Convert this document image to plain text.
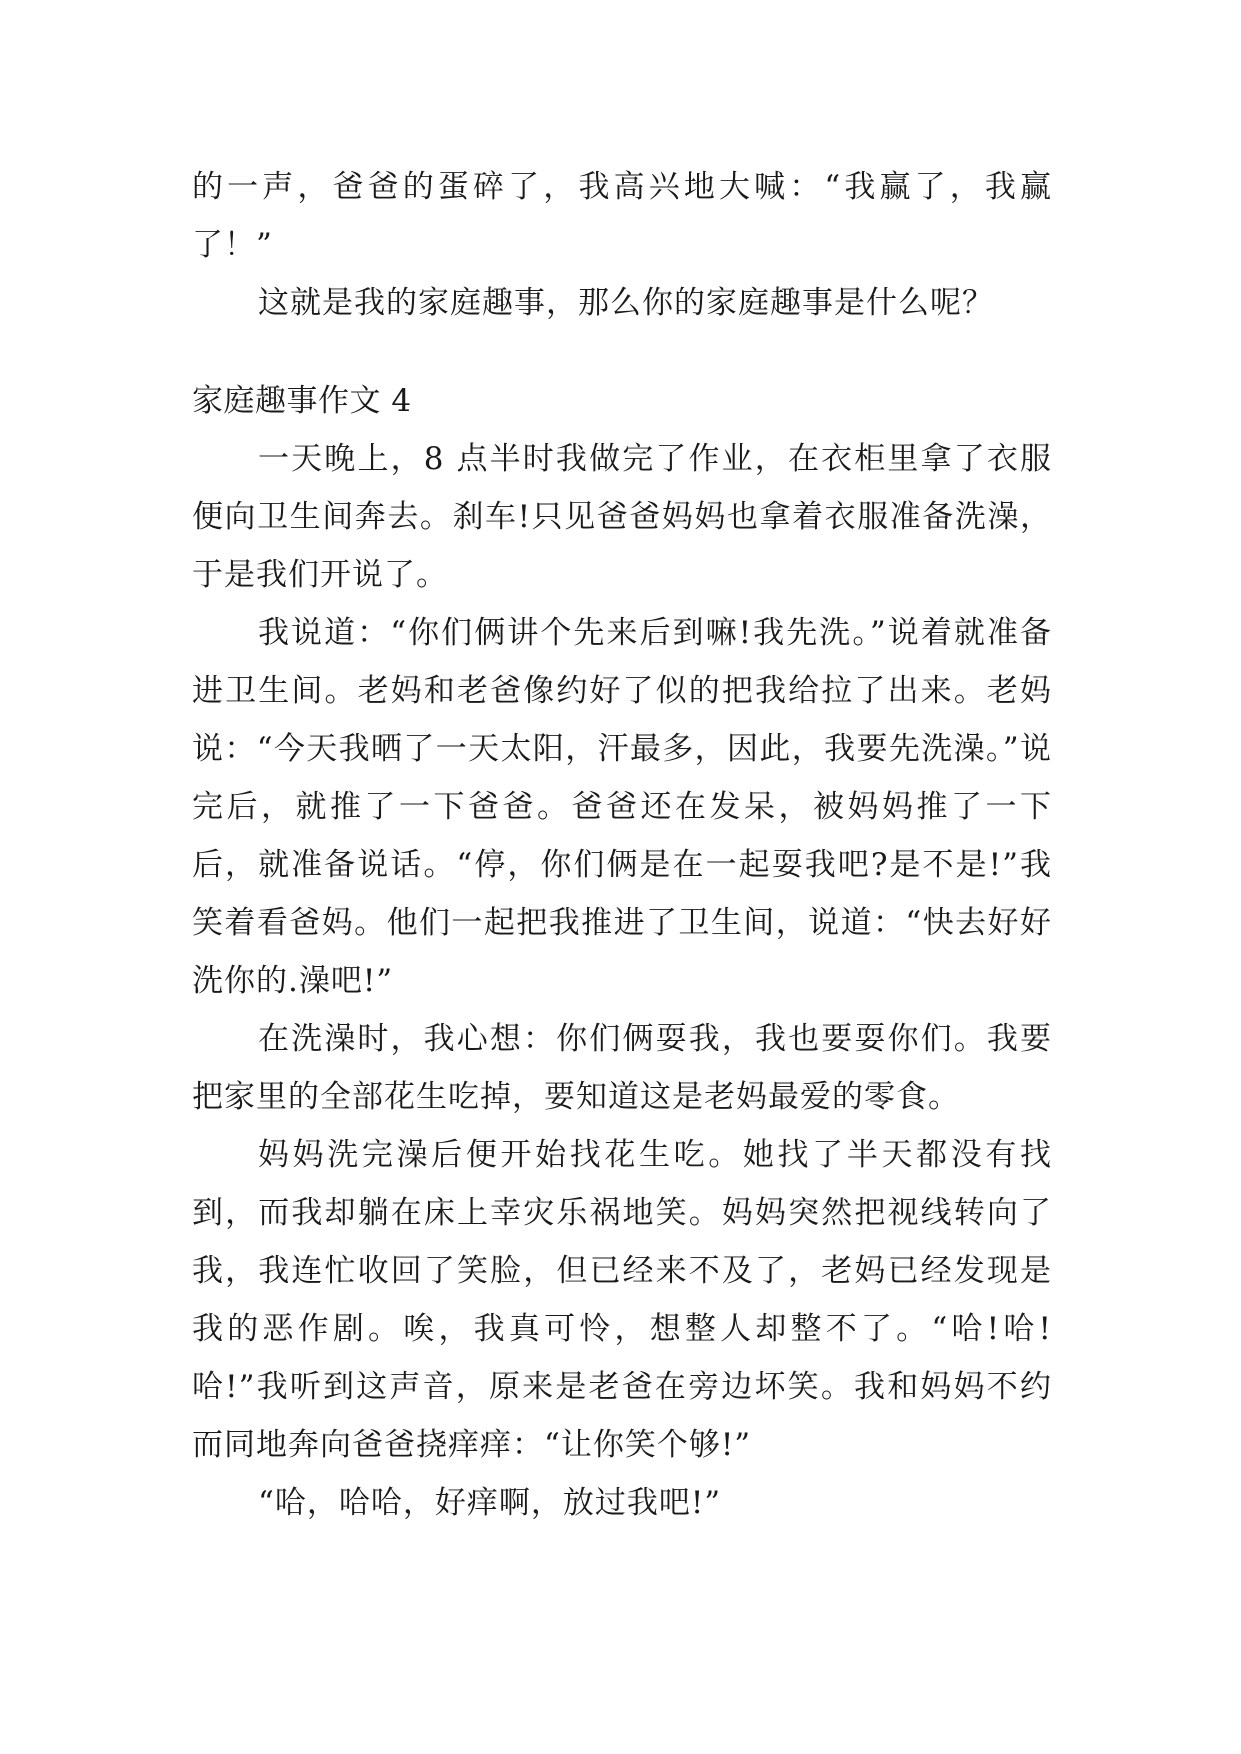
的一声，爸爸的蛋碎了，我高兴地大喊：“我赢了，我赢了！”

这就是我的家庭趣事，那么你的家庭趣事是什么呢？

家庭趣事作文 4

一天晚上，8 点半时我做完了作业，在衣柜里拿了衣服便向卫生间奔去。刹车!只见爸爸妈妈也拿着衣服准备洗澡，于是我们开说了。

我说道：“你们俩讲个先来后到嘛!我先洗。”说着就准备进卫生间。老妈和老爸像约好了似的把我给拉了出来。老妈说：“今天我晒了一天太阳，汗最多，因此，我要先洗澡。”说完后，就推了一下爸爸。爸爸还在发呆，被妈妈推了一下后，就准备说话。“停，你们俩是在一起耍我吧?是不是!”我笑着看爸妈。他们一起把我推进了卫生间，说道：“快去好好洗你的.澡吧!”

在洗澡时，我心想：你们俩耍我，我也要耍你们。我要把家里的全部花生吃掉，要知道这是老妈最爱的零食。

妈妈洗完澡后便开始找花生吃。她找了半天都没有找到，而我却躺在床上幸灾乐祸地笑。妈妈突然把视线转向了我，我连忙收回了笑脸，但已经来不及了，老妈已经发现是我的恶作剧。唉，我真可怜，想整人却整不了。“哈!哈!哈!”我听到这声音，原来是老爸在旁边坏笑。我和妈妈不约而同地奔向爸爸挠痒痒：“让你笑个够!”

“哈，哈哈，好痒啊，放过我吧!”
